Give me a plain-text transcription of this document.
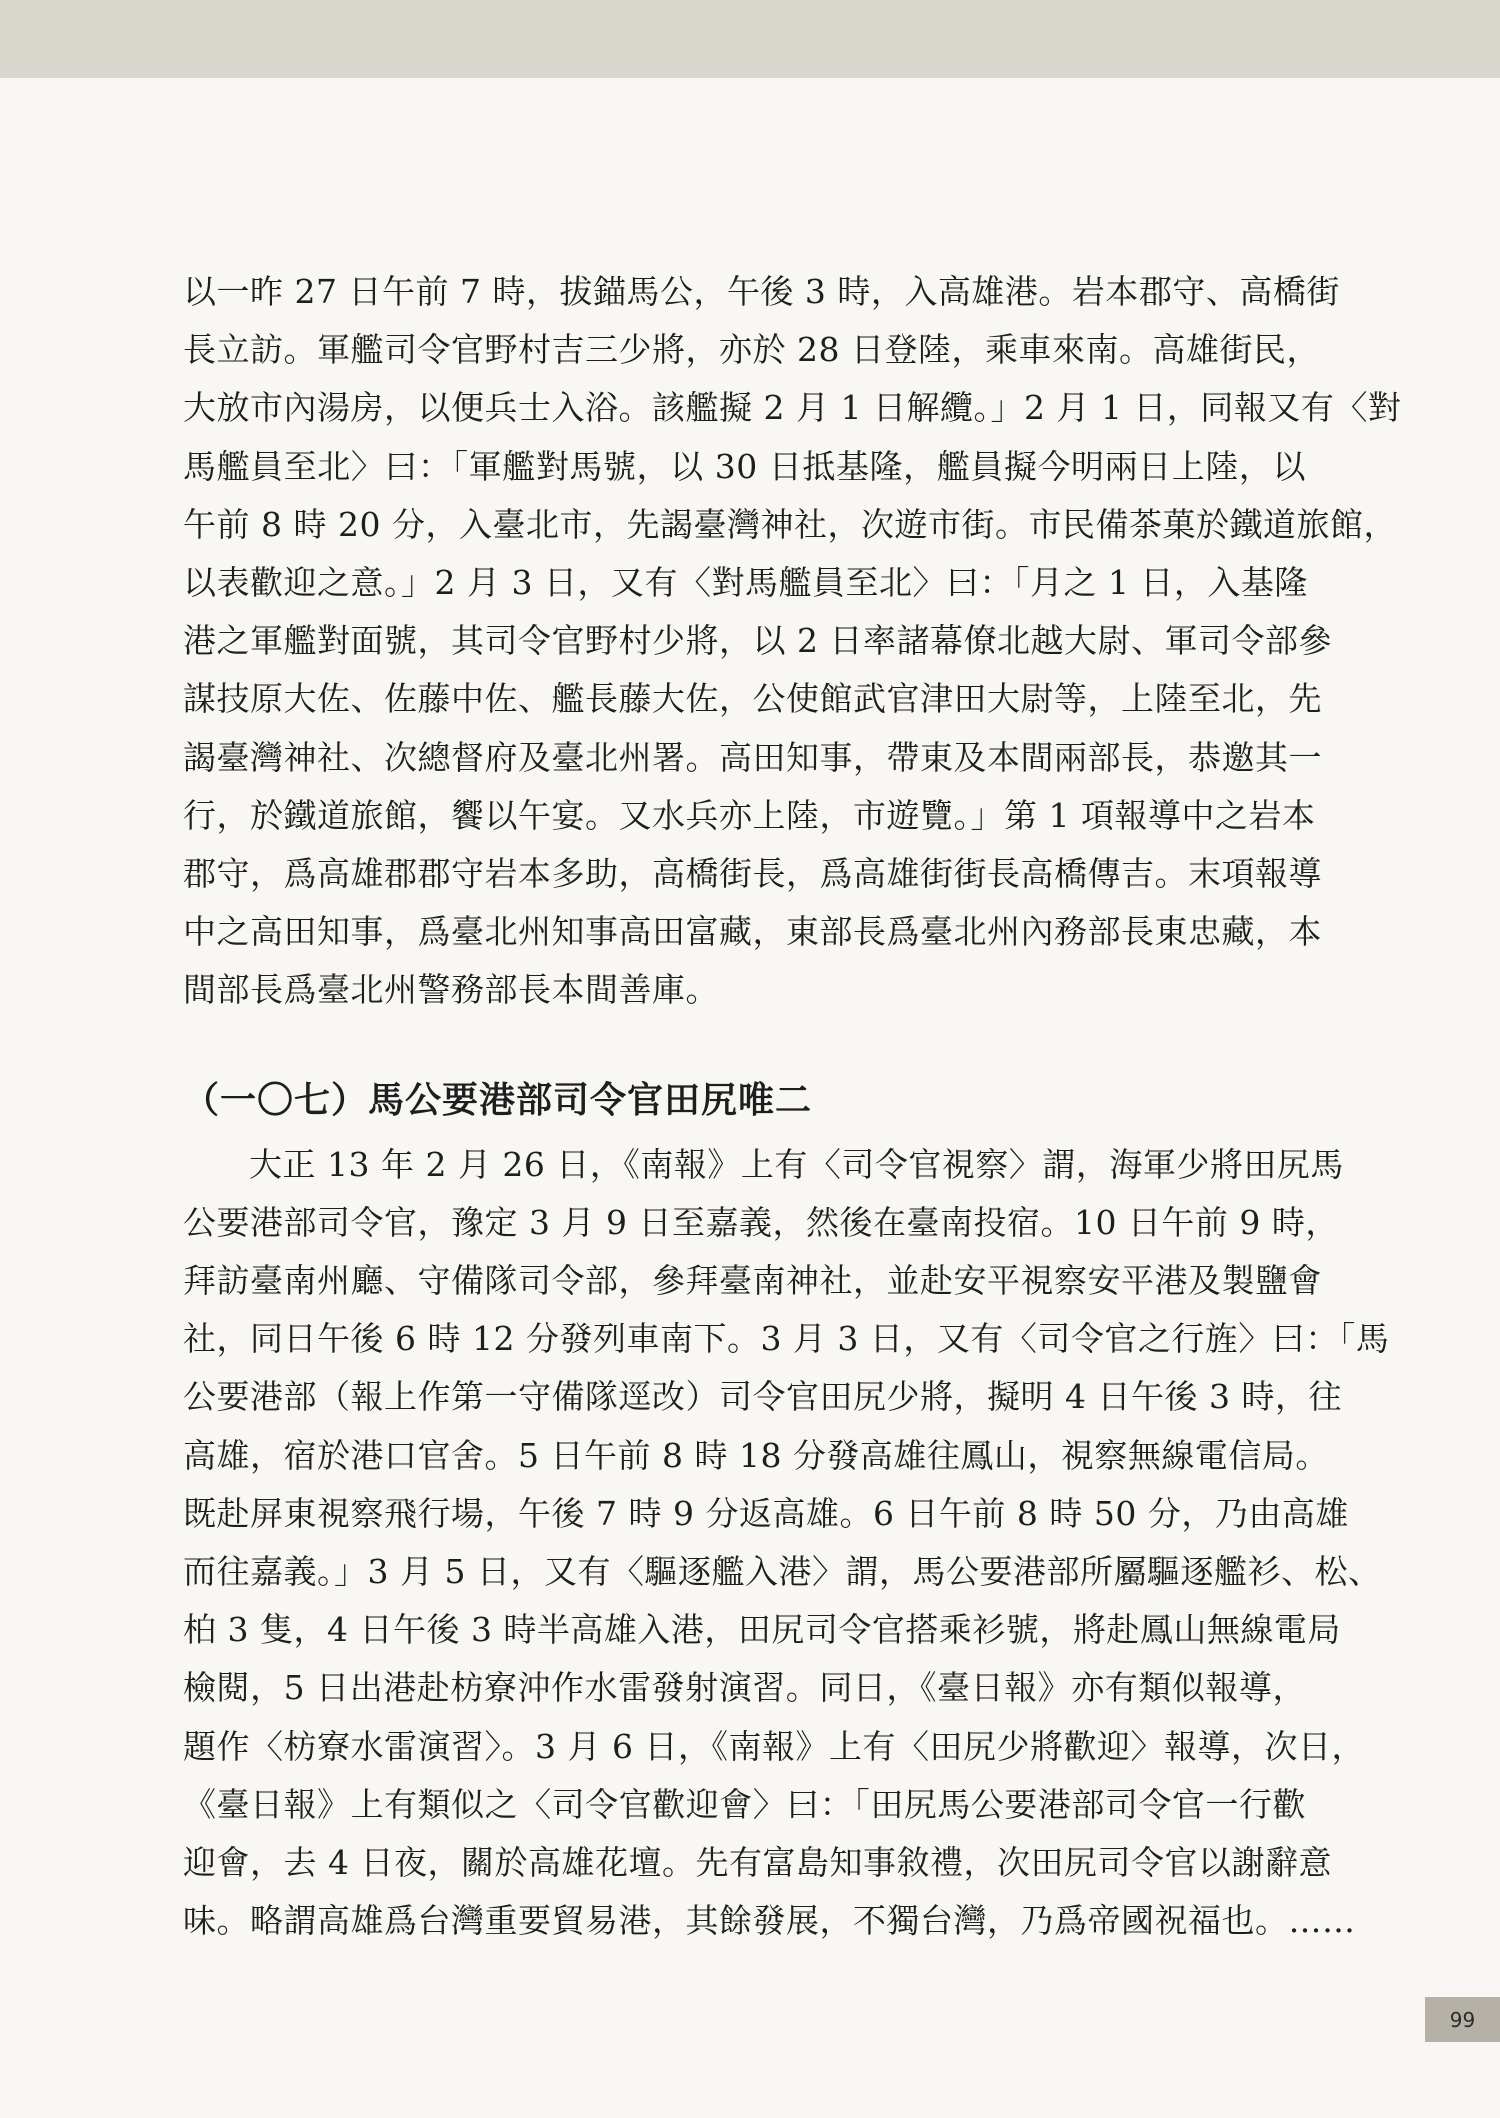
以一昨 27 日午前 7 時，拔錨馬公，午後 3 時，入高雄港。岩本郡守、高橋街
長立訪。軍艦司令官野村吉三少將，亦於 28 日登陸，乘車來南。高雄街民，
大放市內湯房，以便兵士入浴。該艦擬 2 月 1 日解纜。」2 月 1 日，同報又有〈對
馬艦員至北〉曰：「軍艦對馬號，以 30 日抵基隆，艦員擬今明兩日上陸，以
午前 8 時 20 分，入臺北市，先謁臺灣神社，次遊市街。市民備茶菓於鐵道旅館，
以表歡迎之意。」2 月 3 日，又有〈對馬艦員至北〉曰：「月之 1 日，入基隆
港之軍艦對面號，其司令官野村少將，以 2 日率諸幕僚北越大尉、軍司令部參
謀技原大佐、佐藤中佐、艦長藤大佐，公使館武官津田大尉等，上陸至北，先
謁臺灣神社、次總督府及臺北州署。高田知事，帶東及本間兩部長，恭邀其一
行，於鐵道旅館，饗以午宴。又水兵亦上陸，市遊覽。」第 1 項報導中之岩本
郡守，爲高雄郡郡守岩本多助，高橋街長，爲高雄街街長高橋傳吉。末項報導
中之高田知事，爲臺北州知事高田富藏，東部長爲臺北州內務部長東忠藏，本
間部長爲臺北州警務部長本間善庫。

（一〇七）馬公要港部司令官田尻唯二

大正 13 年 2 月 26 日，《南報》上有〈司令官視察〉謂，海軍少將田尻馬
公要港部司令官，豫定 3 月 9 日至嘉義，然後在臺南投宿。10 日午前 9 時，
拜訪臺南州廳、守備隊司令部，參拜臺南神社，並赴安平視察安平港及製鹽會
社，同日午後 6 時 12 分發列車南下。3 月 3 日，又有〈司令官之行旌〉曰：「馬
公要港部（報上作第一守備隊逕改）司令官田尻少將，擬明 4 日午後 3 時，往
高雄，宿於港口官舍。5 日午前 8 時 18 分發高雄往鳳山，視察無線電信局。
既赴屏東視察飛行場，午後 7 時 9 分返高雄。6 日午前 8 時 50 分，乃由高雄
而往嘉義。」3 月 5 日，又有〈驅逐艦入港〉謂，馬公要港部所屬驅逐艦衫、松、
柏 3 隻，4 日午後 3 時半高雄入港，田尻司令官搭乘衫號，將赴鳳山無線電局
檢閱，5 日出港赴枋寮沖作水雷發射演習。同日，《臺日報》亦有類似報導，
題作〈枋寮水雷演習〉。3 月 6 日，《南報》上有〈田尻少將歡迎〉報導，次日，
《臺日報》上有類似之〈司令官歡迎會〉曰：「田尻馬公要港部司令官一行歡
迎會，去 4 日夜，關於高雄花壇。先有富島知事敘禮，次田尻司令官以謝辭意
味。略謂高雄爲台灣重要貿易港，其餘發展，不獨台灣，乃爲帝國祝福也。……

99
